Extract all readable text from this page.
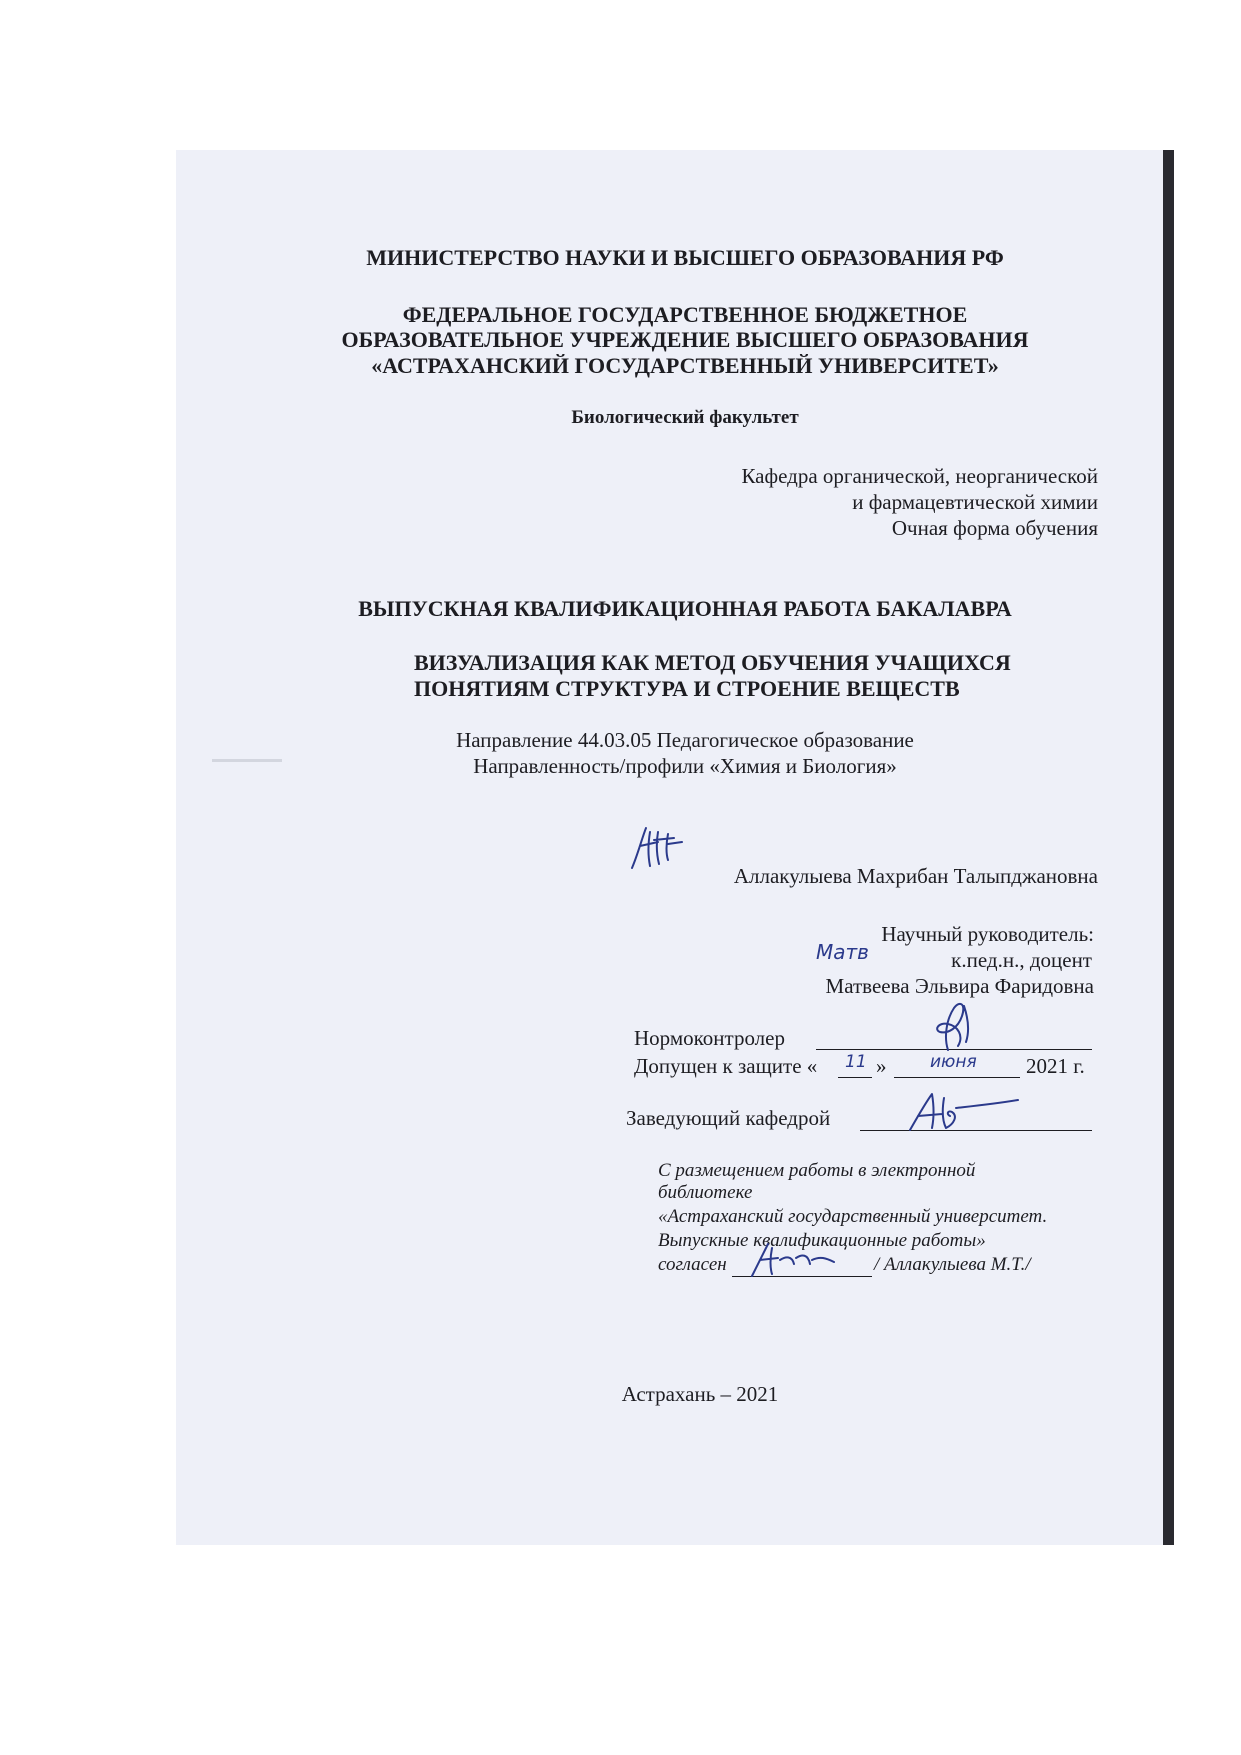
МИНИСТЕРСТВО НАУКИ И ВЫСШЕГО ОБРАЗОВАНИЯ РФ
ФЕДЕРАЛЬНОЕ ГОСУДАРСТВЕННОЕ БЮДЖЕТНОЕ
ОБРАЗОВАТЕЛЬНОЕ УЧРЕЖДЕНИЕ ВЫСШЕГО ОБРАЗОВАНИЯ
«АСТРАХАНСКИЙ ГОСУДАРСТВЕННЫЙ УНИВЕРСИТЕТ»
Биологический факультет
Кафедра органической, неорганической
и фармацевтической химии
Очная форма обучения
ВЫПУСКНАЯ КВАЛИФИКАЦИОННАЯ РАБОТА БАКАЛАВРА
ВИЗУАЛИЗАЦИЯ КАК МЕТОД ОБУЧЕНИЯ УЧАЩИХСЯ
ПОНЯТИЯМ СТРУКТУРА И СТРОЕНИЕ ВЕЩЕСТВ
Направление 44.03.05 Педагогическое образование
Направленность/профили «Химия и Биология»
Аллакулыева Махрибан Талыпджановна
Научный руководитель:
Матв	к.пед.н., доцент
Матвеева Эльвира Фаридовна
Нормоконтролер
Допущен к защите « 11 »	июня 2021 г.
Заведующий кафедрой
С размещением работы в электронной
библиотеке
«Астраханский государственный университет.
Выпускные квалификационные работы»
согласен	/ Аллакулыева М.Т./
Астрахань – 2021
